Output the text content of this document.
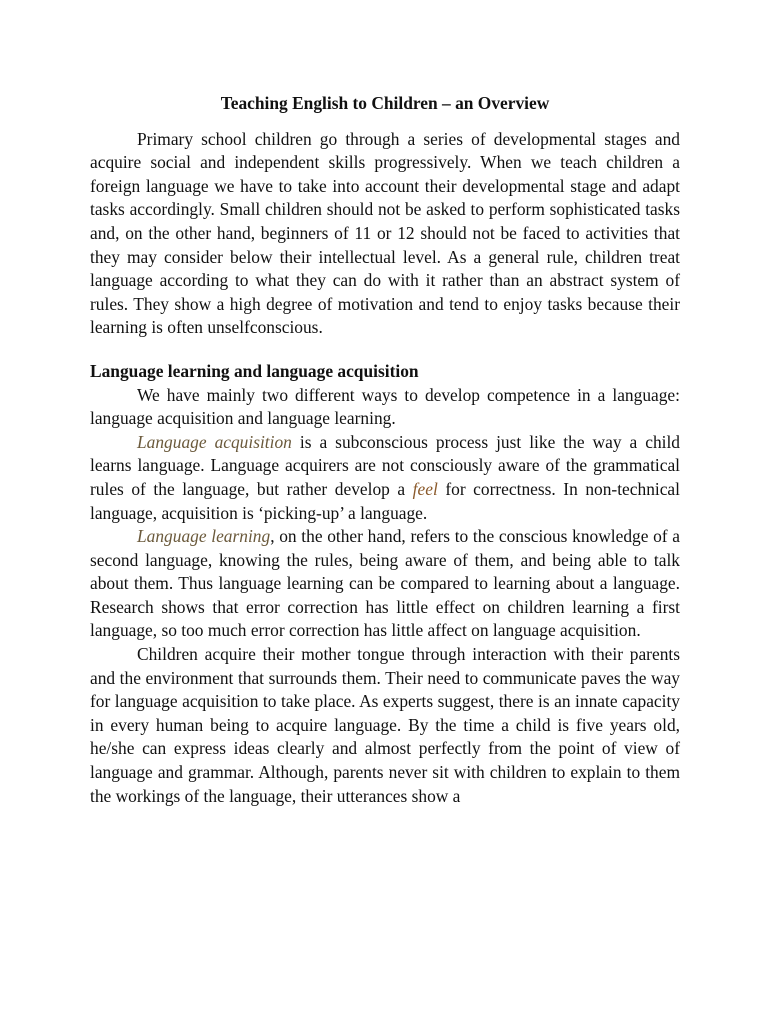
Teaching English to Children – an Overview

Primary school children go through a series of developmental stages and acquire social and independent skills progressively. When we teach children a foreign language we have to take into account their developmental stage and adapt tasks accordingly. Small children should not be asked to perform sophisticated tasks and, on the other hand, beginners of 11 or 12 should not be faced to activities that they may consider below their intellectual level. As a general rule, children treat language according to what they can do with it rather than an abstract system of rules. They show a high degree of motivation and tend to enjoy tasks because their learning is often unselfconscious.

Language learning and language acquisition

We have mainly two different ways to develop competence in a language: language acquisition and language learning.

Language acquisition is a subconscious process just like the way a child learns language. Language acquirers are not consciously aware of the grammatical rules of the language, but rather develop a feel for correctness. In non-technical language, acquisition is ‘picking-up’ a language.

Language learning, on the other hand, refers to the conscious knowledge of a second language, knowing the rules, being aware of them, and being able to talk about them. Thus language learning can be compared to learning about a language. Research shows that error correction has little effect on children learning a first language, so too much error correction has little affect on language acquisition.

Children acquire their mother tongue through interaction with their parents and the environment that surrounds them. Their need to communicate paves the way for language acquisition to take place. As experts suggest, there is an innate capacity in every human being to acquire language. By the time a child is five years old, he/she can express ideas clearly and almost perfectly from the point of view of language and grammar. Although, parents never sit with children to explain to them the workings of the language, their utterances show a
